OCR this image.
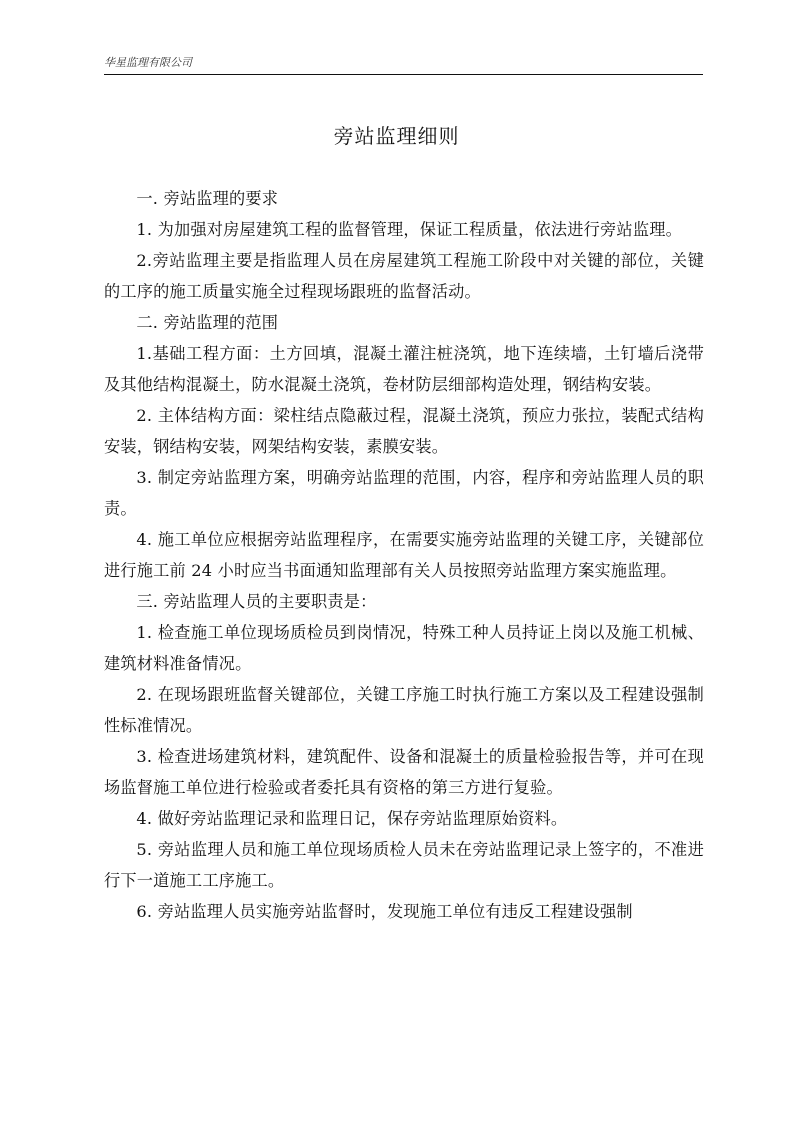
华星监理有限公司
旁站监理细则

一. 旁站监理的要求

1. 为加强对房屋建筑工程的监督管理，保证工程质量，依法进行旁站监理。

2.旁站监理主要是指监理人员在房屋建筑工程施工阶段中对关键的部位，关键的工序的施工质量实施全过程现场跟班的监督活动。

二. 旁站监理的范围

1.基础工程方面：土方回填，混凝土灌注桩浇筑，地下连续墙，土钉墙后浇带及其他结构混凝土，防水混凝土浇筑，卷材防层细部构造处理，钢结构安装。

2. 主体结构方面：梁柱结点隐蔽过程，混凝土浇筑，预应力张拉，装配式结构安装，钢结构安装，网架结构安装，素膜安装。

3. 制定旁站监理方案，明确旁站监理的范围，内容，程序和旁站监理人员的职责。

4. 施工单位应根据旁站监理程序，在需要实施旁站监理的关键工序，关键部位进行施工前 24 小时应当书面通知监理部有关人员按照旁站监理方案实施监理。

三. 旁站监理人员的主要职责是：

1. 检查施工单位现场质检员到岗情况，特殊工种人员持证上岗以及施工机械、建筑材料准备情况。

2. 在现场跟班监督关键部位，关键工序施工时执行施工方案以及工程建设强制性标准情况。

3. 检查进场建筑材料，建筑配件、设备和混凝土的质量检验报告等，并可在现场监督施工单位进行检验或者委托具有资格的第三方进行复验。

4. 做好旁站监理记录和监理日记，保存旁站监理原始资料。

5. 旁站监理人员和施工单位现场质检人员未在旁站监理记录上签字的，不准进行下一道施工工序施工。

6. 旁站监理人员实施旁站监督时，发现施工单位有违反工程建设强制
